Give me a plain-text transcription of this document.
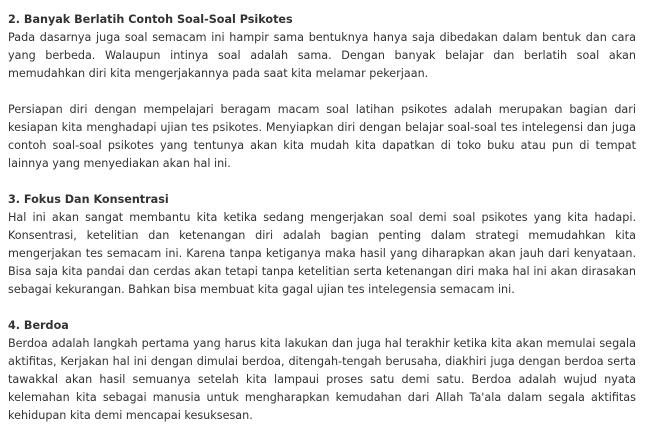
2. Banyak Berlatih Contoh Soal-Soal Psikotes

Pada dasarnya juga soal semacam ini hampir sama bentuknya hanya saja dibedakan dalam bentuk dan cara yang berbeda. Walaupun intinya soal adalah sama. Dengan banyak belajar dan berlatih soal akan memudahkan diri kita mengerjakannya pada saat kita melamar pekerjaan.

Persiapan diri dengan mempelajari beragam macam soal latihan psikotes adalah merupakan bagian dari kesiapan kita menghadapi ujian tes psikotes. Menyiapkan diri dengan belajar soal-soal tes intelegensi dan juga contoh soal-soal psikotes yang tentunya akan kita mudah kita dapatkan di toko buku atau pun di tempat lainnya yang menyediakan akan hal ini.

3. Fokus Dan Konsentrasi

Hal ini akan sangat membantu kita ketika sedang mengerjakan soal demi soal psikotes yang kita hadapi. Konsentrasi, ketelitian dan ketenangan diri adalah bagian penting dalam strategi memudahkan kita mengerjakan tes semacam ini. Karena tanpa ketiganya maka hasil yang diharapkan akan jauh dari kenyataan. Bisa saja kita pandai dan cerdas akan tetapi tanpa ketelitian serta ketenangan diri maka hal ini akan dirasakan sebagai kekurangan. Bahkan bisa membuat kita gagal ujian tes intelegensia semacam ini.

4. Berdoa

Berdoa adalah langkah pertama yang harus kita lakukan dan juga hal terakhir ketika kita akan memulai segala aktifitas, Kerjakan hal ini dengan dimulai berdoa, ditengah-tengah berusaha, diakhiri juga dengan berdoa serta tawakkal akan hasil semuanya setelah kita lampaui proses satu demi satu. Berdoa adalah wujud nyata kelemahan kita sebagai manusia untuk mengharapkan kemudahan dari Allah Ta'ala dalam segala aktifitas kehidupan kita demi mencapai kesuksesan.
